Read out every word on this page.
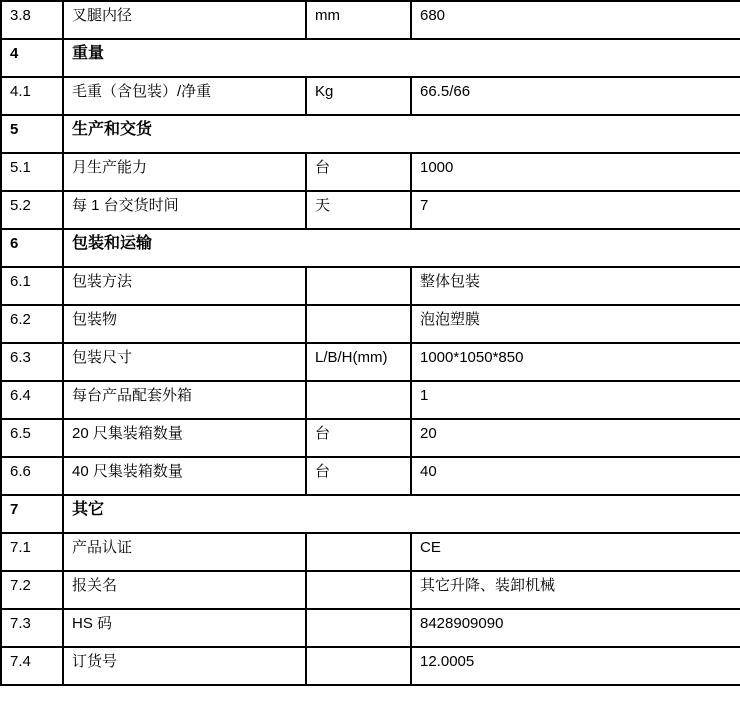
3.8	叉腿内径	mm	680
4	重量		
4.1	毛重（含包装）/净重	Kg	66.5/66
5	生产和交货		
5.1	月生产能力	台	1000
5.2	每 1 台交货时间	天	7
6	包装和运输		
6.1	包装方法		整体包装
6.2	包装物		泡泡塑膜
6.3	包装尺寸	L/B/H(mm)	1000*1050*850
6.4	每台产品配套外箱		1
6.5	20 尺集装箱数量	台	20
6.6	40 尺集装箱数量	台	40
7	其它		
7.1	产品认证		CE
7.2	报关名		其它升降、装卸机械
7.3	HS 码		8428909090
7.4	订货号		12.0005
